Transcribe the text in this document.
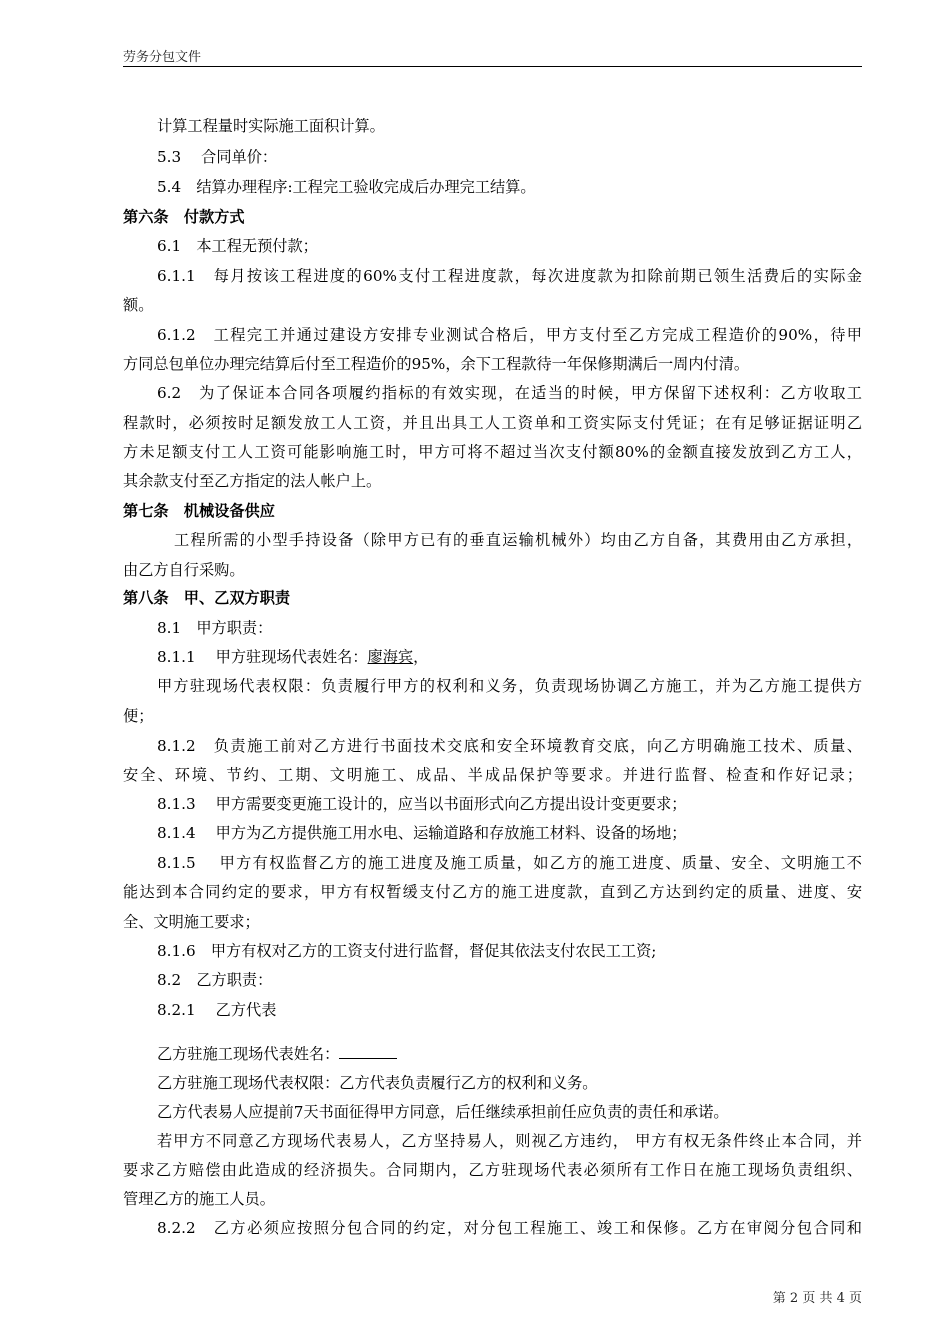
劳务分包文件
计算工程量时实际施工面积计算。
5.3　 合同单价：
5.4　结算办理程序:工程完工验收完成后办理完工结算。
第六条　付款方式
6.1　本工程无预付款；
6.1.1　每月按该工程进度的60%支付工程进度款，每次进度款为扣除前期已领生活费后的实际金
额。
6.1.2　工程完工并通过建设方安排专业测试合格后，甲方支付至乙方完成工程造价的90%，待甲
方同总包单位办理完结算后付至工程造价的95%，余下工程款待一年保修期满后一周内付清。
6.2　为了保证本合同各项履约指标的有效实现，在适当的时候，甲方保留下述权利：乙方收取工
程款时，必须按时足额发放工人工资，并且出具工人工资单和工资实际支付凭证；在有足够证据证明乙
方未足额支付工人工资可能影响施工时，甲方可将不超过当次支付额80%的金额直接发放到乙方工人，
其余款支付至乙方指定的法人帐户上。
第七条　机械设备供应
工程所需的小型手持设备（除甲方已有的垂直运输机械外）均由乙方自备，其费用由乙方承担，
由乙方自行采购。
第八条　甲、乙双方职责
8.1　甲方职责：
8.1.1　 甲方驻现场代表姓名：廖海宾，
甲方驻现场代表权限：负责履行甲方的权利和义务，负责现场协调乙方施工，并为乙方施工提供方
便；
8.1.2　负责施工前对乙方进行书面技术交底和安全环境教育交底，向乙方明确施工技术、质量、
安全、环境、节约、工期、文明施工、成品、半成品保护等要求。并进行监督、检查和作好记录；
8.1.3　 甲方需要变更施工设计的，应当以书面形式向乙方提出设计变更要求；
8.1.4　 甲方为乙方提供施工用水电、运输道路和存放施工材料、设备的场地；
8.1.5　 甲方有权监督乙方的施工进度及施工质量，如乙方的施工进度、质量、安全、文明施工不
能达到本合同约定的要求，甲方有权暂缓支付乙方的施工进度款，直到乙方达到约定的质量、进度、安
全、文明施工要求；
8.1.6　甲方有权对乙方的工资支付进行监督，督促其依法支付农民工工资;
8.2　乙方职责：
8.2.1　 乙方代表
乙方驻施工现场代表姓名：
乙方驻施工现场代表权限：乙方代表负责履行乙方的权利和义务。
乙方代表易人应提前7天书面征得甲方同意，后任继续承担前任应负责的责任和承诺。
若甲方不同意乙方现场代表易人，乙方坚持易人，则视乙方违约， 甲方有权无条件终止本合同，并
要求乙方赔偿由此造成的经济损失。合同期内，乙方驻现场代表必须所有工作日在施工现场负责组织、
管理乙方的施工人员。
8.2.2　乙方必须应按照分包合同的约定，对分包工程施工、竣工和保修。乙方在审阅分包合同和
第 2 页 共 4 页
